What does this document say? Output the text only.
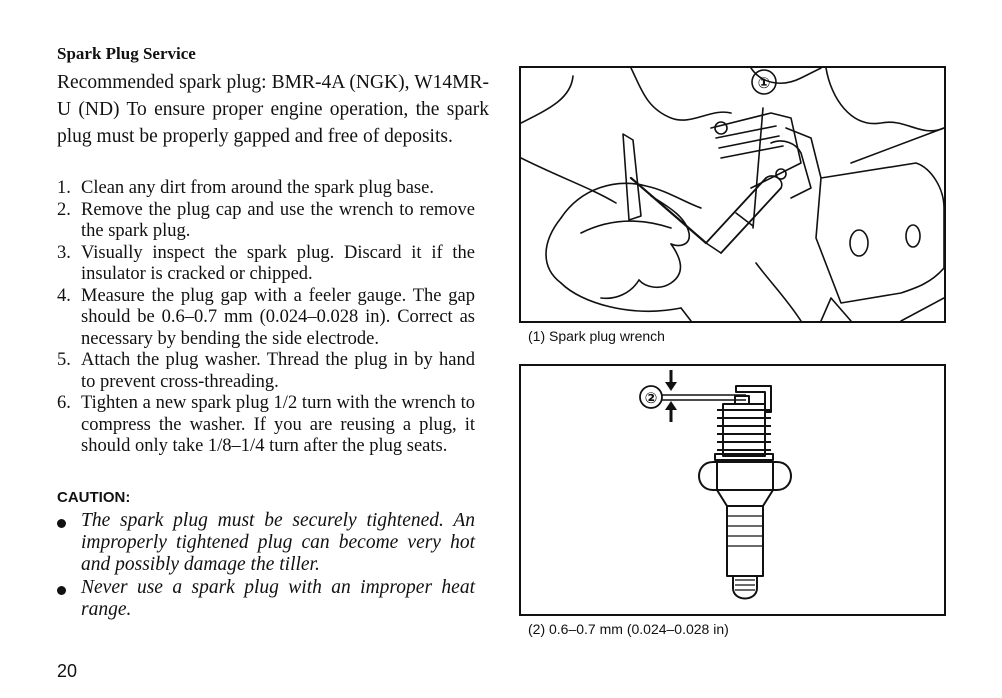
Spark Plug Service
Recommended spark plug: BMR-4A (NGK), W14MR-U (ND) To ensure proper engine operation, the spark plug must be properly gapped and free of deposits.
1. Clean any dirt from around the spark plug base.
2. Remove the plug cap and use the wrench to remove the spark plug.
3. Visually inspect the spark plug. Discard it if the insulator is cracked or chipped.
4. Measure the plug gap with a feeler gauge. The gap should be 0.6–0.7 mm (0.024–0.028 in). Correct as necessary by bending the side electrode.
5. Attach the plug washer. Thread the plug in by hand to prevent cross-threading.
6. Tighten a new spark plug 1/2 turn with the wrench to compress the washer. If you are reusing a plug, it should only take 1/8–1/4 turn after the plug seats.
CAUTION:
The spark plug must be securely tightened. An improperly tightened plug can become very hot and possibly damage the tiller.
Never use a spark plug with an improper heat range.
20
①
(1) Spark plug wrench
②
(2) 0.6–0.7 mm (0.024–0.028 in)
